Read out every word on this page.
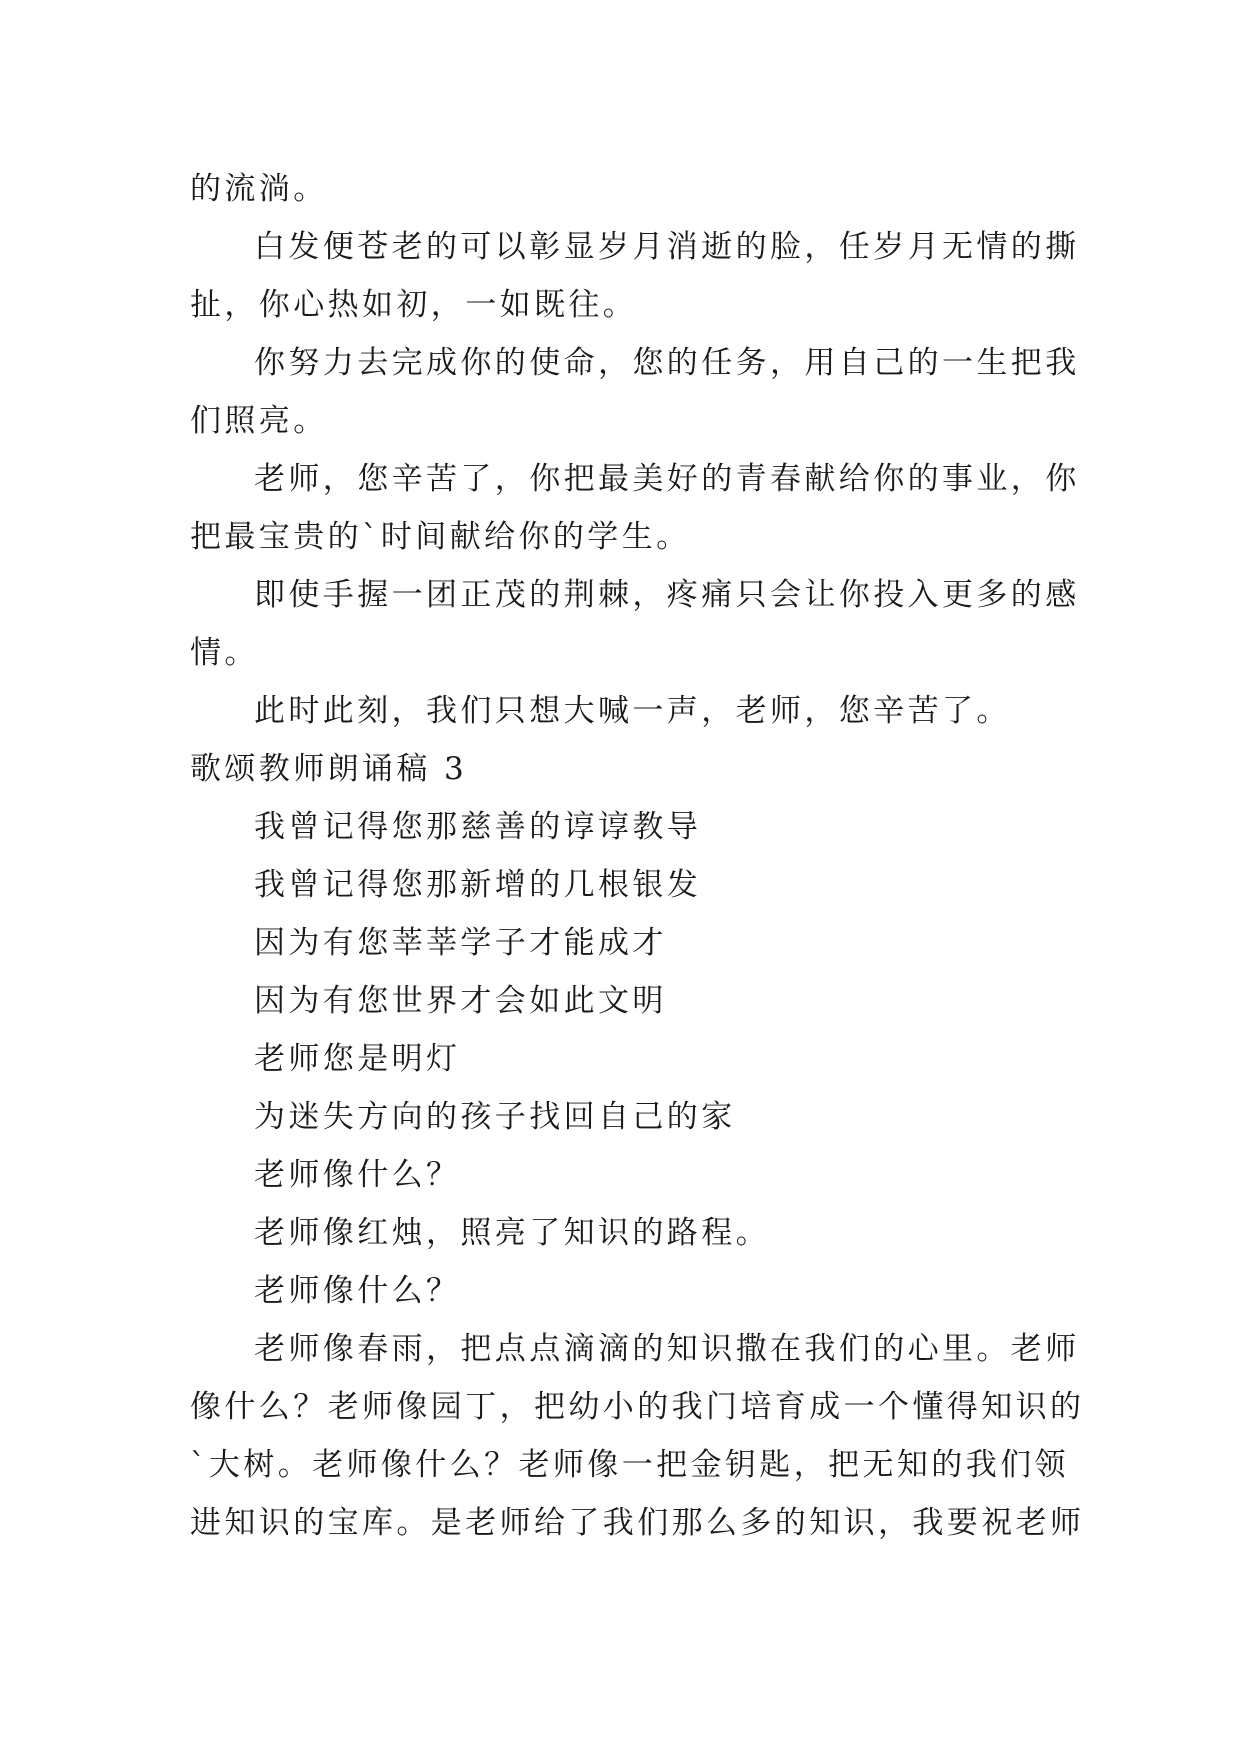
的流淌。
白发便苍老的可以彰显岁月消逝的脸，任岁月无情的撕
扯，你心热如初，一如既往。
你努力去完成你的使命，您的任务，用自己的一生把我
们照亮。
老师，您辛苦了，你把最美好的青春献给你的事业，你
把最宝贵的`时间献给你的学生。
即使手握一团正茂的荆棘，疼痛只会让你投入更多的感
情。
此时此刻，我们只想大喊一声，老师，您辛苦了。
歌颂教师朗诵稿 3
我曾记得您那慈善的谆谆教导
我曾记得您那新增的几根银发
因为有您莘莘学子才能成才
因为有您世界才会如此文明
老师您是明灯
为迷失方向的孩子找回自己的家
老师像什么？
老师像红烛，照亮了知识的路程。
老师像什么？
老师像春雨，把点点滴滴的知识撒在我们的心里。老师
像什么？老师像园丁，把幼小的我门培育成一个懂得知识的
`大树。老师像什么？老师像一把金钥匙，把无知的我们领
进知识的宝库。是老师给了我们那么多的知识，我要祝老师
